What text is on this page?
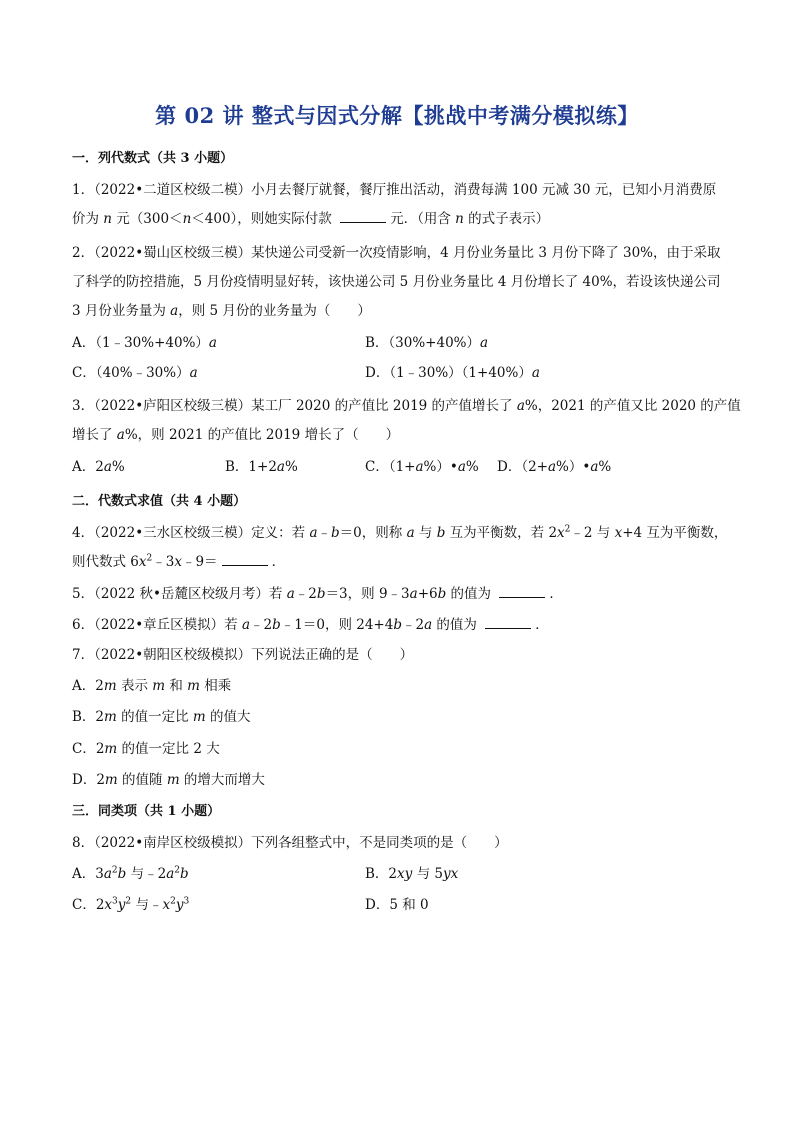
第 02 讲 整式与因式分解【挑战中考满分模拟练】
一．列代数式（共 3 小题）
1．（2022•二道区校级二模）小月去餐厅就餐，餐厅推出活动，消费每满 100 元减 30 元，已知小月消费原
价为 n 元（300＜n＜400），则她实际付款	元．（用含 n 的式子表示）
2．（2022•蜀山区校级三模）某快递公司受新一次疫情影响，4 月份业务量比 3 月份下降了 30%，由于采取
了科学的防控措施，5 月份疫情明显好转，该快递公司 5 月份业务量比 4 月份增长了 40%，若设该快递公司
3 月份业务量为 a，则 5 月份的业务量为（　　）
A．（1﹣30%+40%）a	B．（30%+40%）a
C．（40%﹣30%）a	D．（1﹣30%）（1+40%）a
3．（2022•庐阳区校级三模）某工厂 2020 的产值比 2019 的产值增长了 a%，2021 的产值又比 2020 的产值
增长了 a%，则 2021 的产值比 2019 增长了（　　）
A．2a%	B．1+2a%	C．（1+a%）•a% D．（2+a%）•a%
二．代数式求值（共 4 小题）
4．（2022•三水区校级三模）定义：若 a﹣b＝0，则称 a 与 b 互为平衡数，若 $2x^2﹣2$ 与 x+4 互为平衡数，
则代数式 $6x^2﹣3x﹣9=$	．
5．（2022 秋•岳麓区校级月考）若 a﹣2b＝3，则 9﹣3a+6b 的值为	．
6．（2022•章丘区模拟）若 a﹣2b﹣1＝0，则 24+4b﹣2a 的值为	．
7．（2022•朝阳区校级模拟）下列说法正确的是（　　）
A．2m 表示 m 和 m 相乘
B．2m 的值一定比 m 的值大
C．2m 的值一定比 2 大
D．2m 的值随 m 的增大而增大
三．同类项（共 1 小题）
8．（2022•南岸区校级模拟）下列各组整式中，不是同类项的是（　　）
A．$3a^2b$ 与$﹣2a^2b$	B．2xy 与 5yx
C．$2x^3y^2$ 与$﹣x^2y^3$	D．5 和 0
